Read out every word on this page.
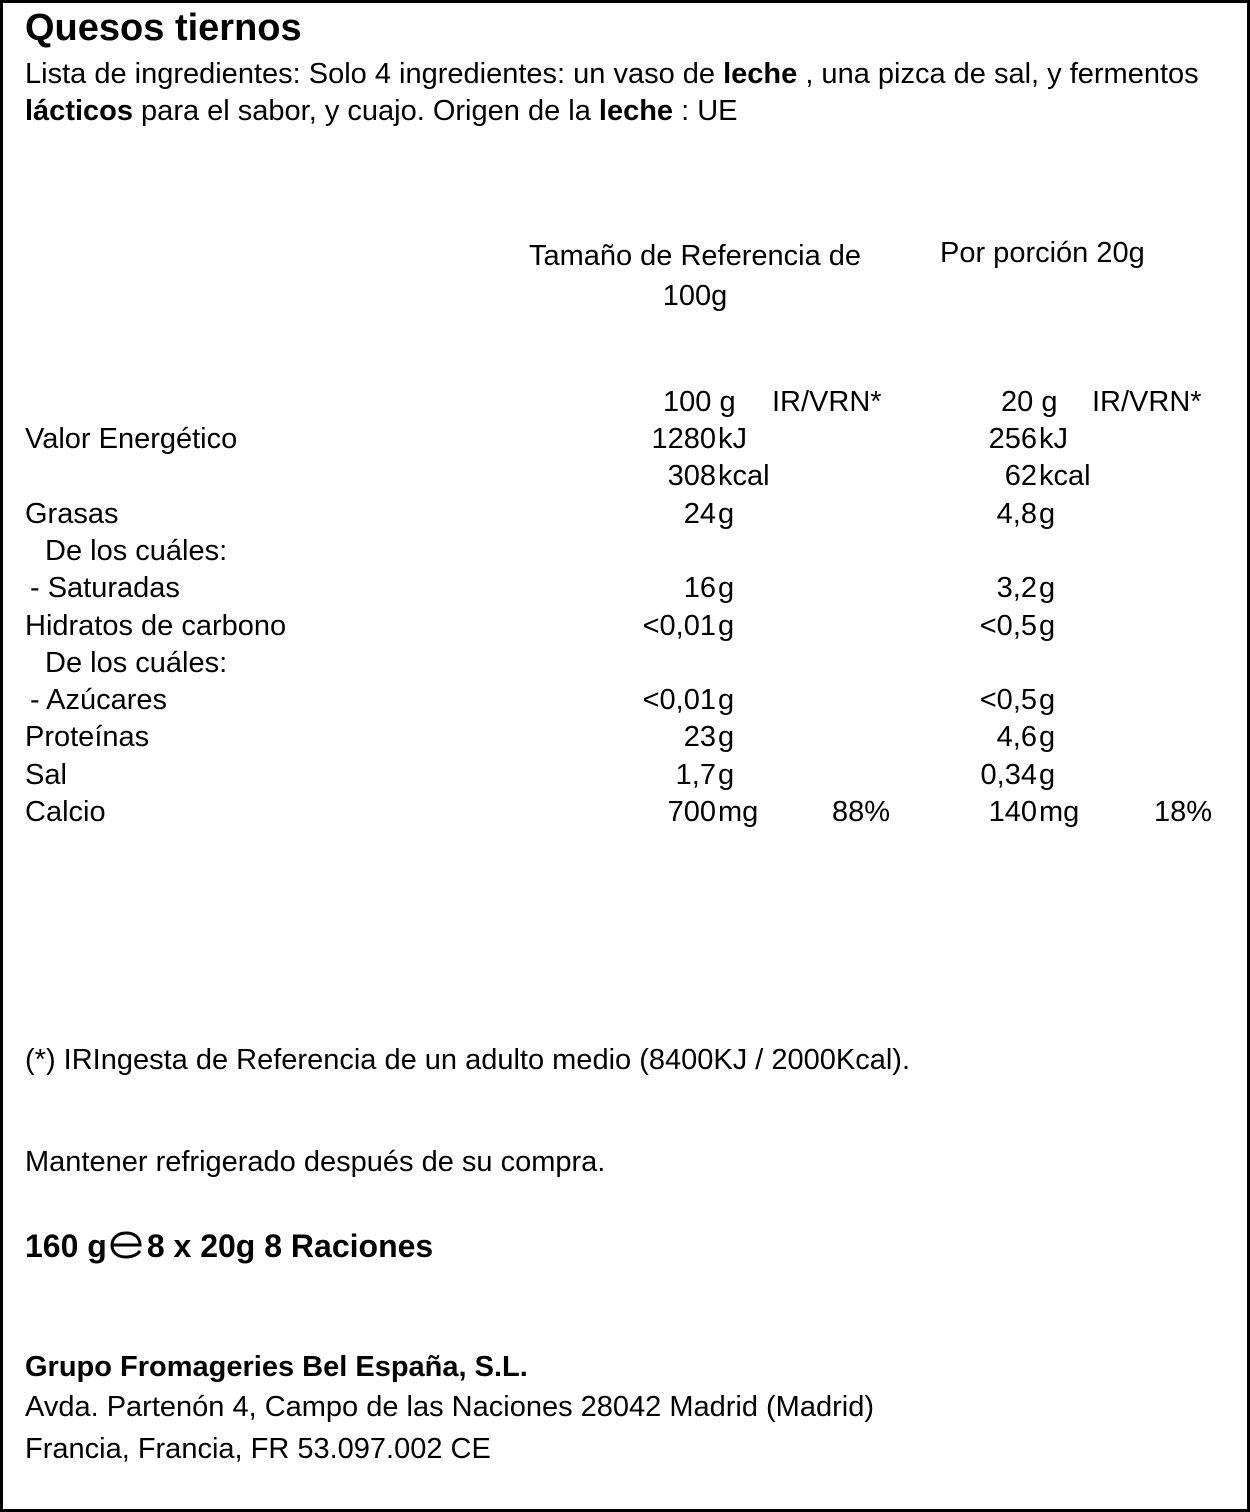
Quesos tiernos
Lista de ingredientes: Solo 4 ingredientes: un vaso de leche , una pizca de sal, y fermentos lácticos para el sabor, y cuajo. Origen de la leche : UE
Tamaño de Referencia de 100g
Por porción 20g
100 g IR/VRN*	20 g IR/VRN*
Valor Energético	1280 kJ	256 kJ
308 kcal	62 kcal
Grasas	24 g	4,8 g
De los cuáles:
- Saturadas	16 g	3,2 g
Hidratos de carbono	<0,01 g	<0,5 g
De los cuáles:
- Azúcares	<0,01 g	<0,5 g
Proteínas	23 g	4,6 g
Sal	1,7 g	0,34 g
Calcio	700 mg	88%	140 mg	18%
(*) IRIngesta de Referencia de un adulto medio (8400KJ / 2000Kcal).
Mantener refrigerado después de su compra.
160 g 8 x 20g 8 Raciones
Grupo Fromageries Bel España, S.L.
Avda. Partenón 4, Campo de las Naciones 28042 Madrid (Madrid)
Francia, Francia, FR 53.097.002 CE
